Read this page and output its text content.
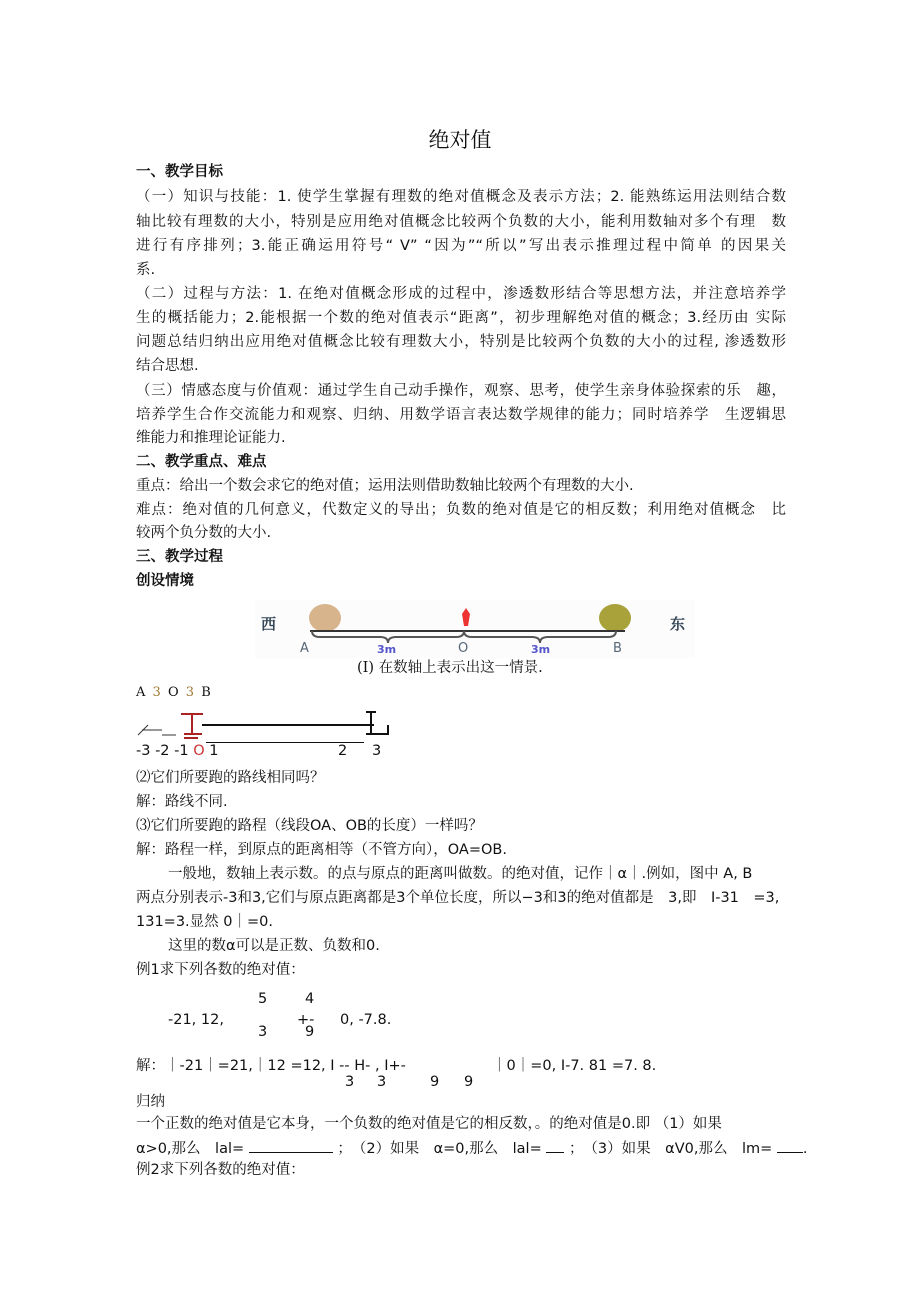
绝对值
一、教学目标
（一）知识与技能：1. 使学生掌握有理数的绝对值概念及表示方法；2. 能熟练运用法则结合数
轴比较有理数的大小，特别是应用绝对值概念比较两个负数的大小，能利用数轴对多个有理　数
进行有序排列；3.能正确运用符号“ V” “因为”“所以”写出表示推理过程中简单 的因果关
系.
（二）过程与方法：1. 在绝对值概念形成的过程中，渗透数形结合等思想方法，并注意培养学
生的概括能力；2.能根据一个数的绝对值表示“距离”，初步理解绝对值的概念；3.经历由 实际
问题总结归纳出应用绝对值概念比较有理数大小，特别是比较两个负数的大小的过程, 渗透数形
结合思想.
（三）情感态度与价值观：通过学生自己动手操作，观察、思考，使学生亲身体验探索的乐　趣，
培养学生合作交流能力和观察、归纳、用数学语言表达数学规律的能力；同时培养学　生逻辑思
维能力和推理论证能力.
二、教学重点、难点
重点：给出一个数会求它的绝对值；运用法则借助数轴比较两个有理数的大小.
难点：绝对值的几何意义，代数定义的导出；负数的绝对值是它的相反数；利用绝对值概念　比
较两个负分数的大小.
三、教学过程
创设情境
西	东
A	O	B
3m	3m
(I) 在数轴上表示出这一情景.
A 3 O 3 B
-3 -2 -1 O 1	2 3
⑵它们所要跑的路线相同吗？
解：路线不同.
⑶它们所要跑的路程（线段OA、OB的长度）一样吗？
解：路程一样，到原点的距离相等（不管方向），OA=OB.
一般地，数轴上表示数。的点与原点的距离叫做数。的绝对值，记作｜α｜.例如，图中 A, B
两点分别表示-3和3,它们与原点距离都是3个单位长度，所以−3和3的绝对值都是　3,即　I-31　=3,
131=3.显然 0｜=0.
这里的数α可以是正数、负数和0.
例1求下列各数的绝对值：
5	4
-21, 12,	+- 0, -7.8.
3	9
解：｜-21｜=21,｜12 =12, I -- H- , I+-	｜0｜=0, I-7. 81 =7. 8.
3 3	9 9
归纳
一个正数的绝对值是它本身，一个负数的绝对值是它的相反数，。的绝对值是0.即 （1）如果
α>0,那么　lal=	；　（2）如果　α=0,那么　lal= ；　（3）如果　αV0,那么　lm= .
例2求下列各数的绝对值：
